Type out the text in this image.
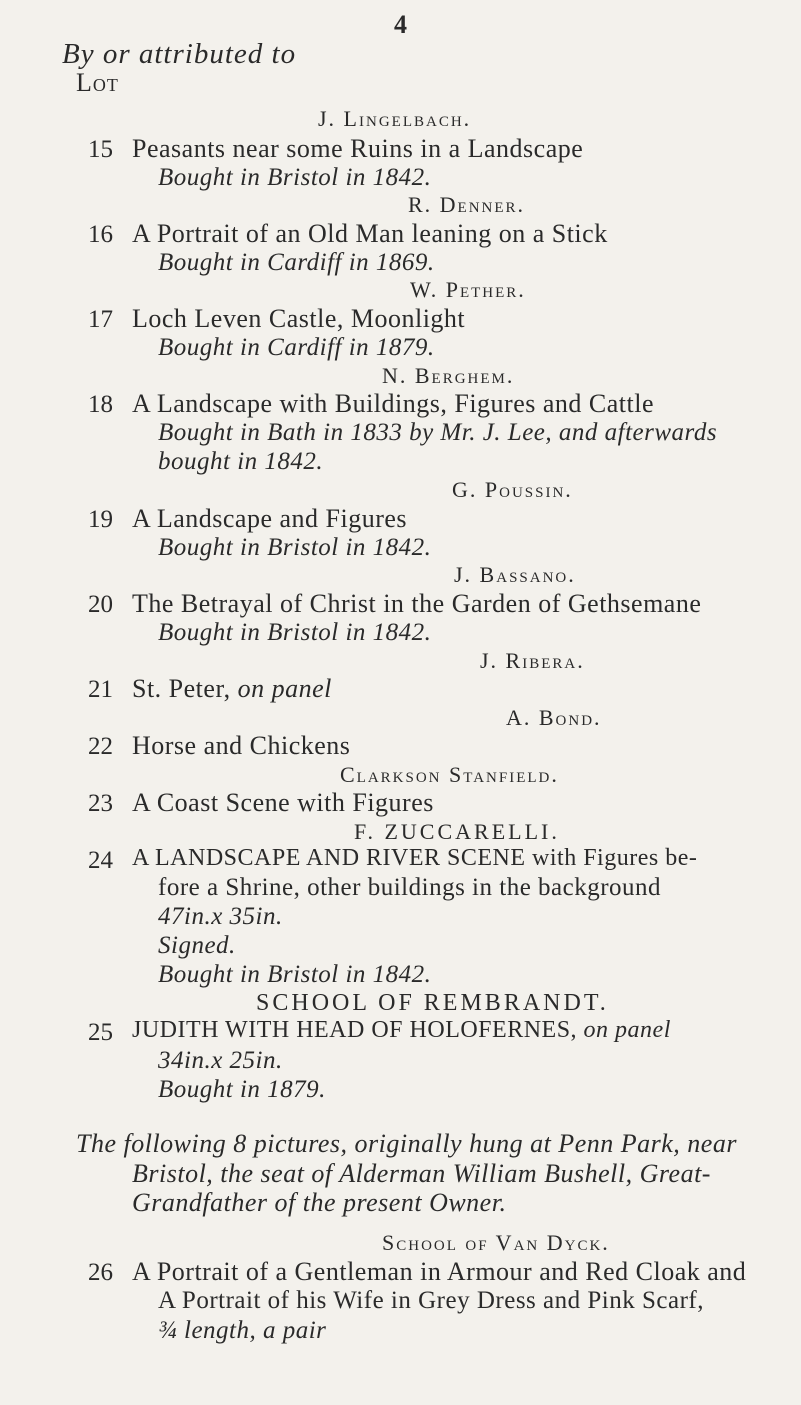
4
By or attributed to
Lot
J. Lingelbach.
15 Peasants near some Ruins in a Landscape
Bought in Bristol in 1842.
R. Denner.
16 A Portrait of an Old Man leaning on a Stick
Bought in Cardiff in 1869.
W. Pether.
17 Loch Leven Castle, Moonlight
Bought in Cardiff in 1879.
N. Berghem.
18 A Landscape with Buildings, Figures and Cattle
Bought in Bath in 1833 by Mr. J. Lee, and afterwards
bought in 1842.
G. Poussin.
19 A Landscape and Figures
Bought in Bristol in 1842.
J. Bassano.
20 The Betrayal of Christ in the Garden of Gethsemane
Bought in Bristol in 1842.
J. Ribera.
21 St. Peter, on panel
A. Bond.
22 Horse and Chickens
Clarkson Stanfield.
23 A Coast Scene with Figures
F. ZUCCARELLI.
24 A LANDSCAPE AND RIVER SCENE with Figures be-
fore a Shrine, other buildings in the background
47in.x 35in.
Signed.
Bought in Bristol in 1842.
SCHOOL OF REMBRANDT.
25 JUDITH WITH HEAD OF HOLOFERNES, on panel
34in.x 25in.
Bought in 1879.
The following 8 pictures, originally hung at Penn Park, near
Bristol, the seat of Alderman William Bushell, Great-
Grandfather of the present Owner.
School of Van Dyck.
26 A Portrait of a Gentleman in Armour and Red Cloak and
A Portrait of his Wife in Grey Dress and Pink Scarf,
¾ length, a pair
